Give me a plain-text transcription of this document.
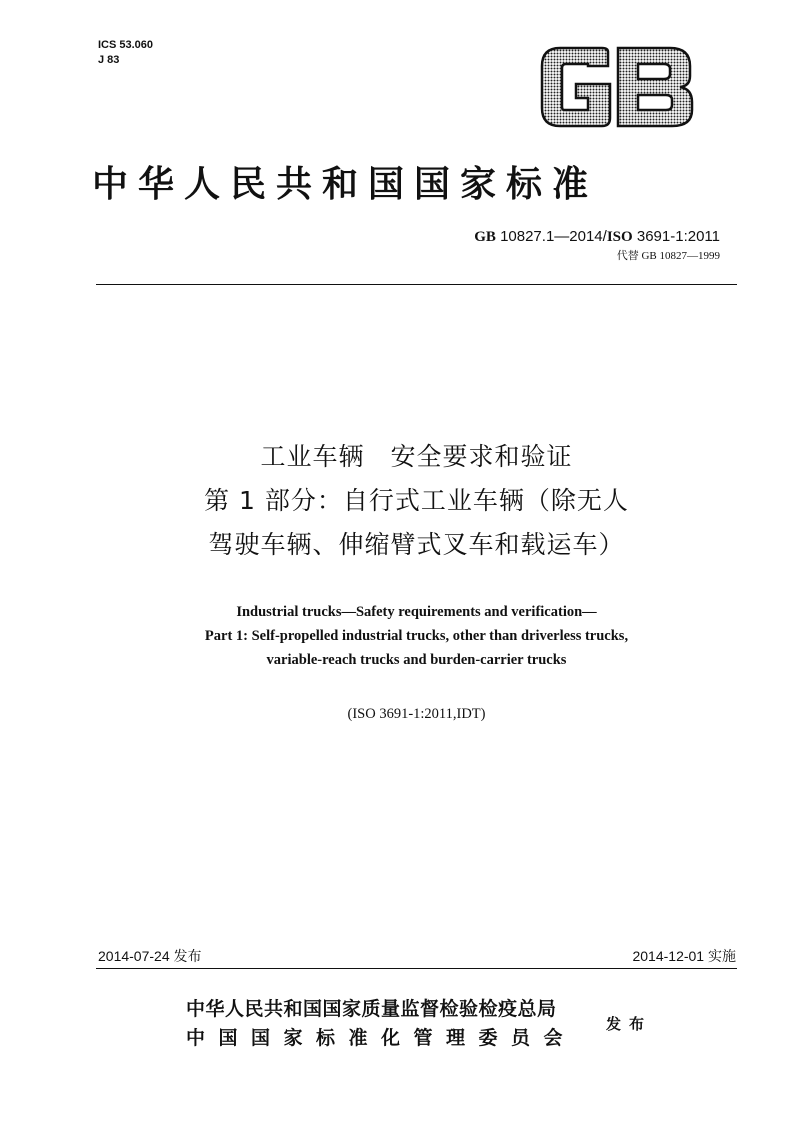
ICS 53.060
J 83
中华人民共和国国家标准
GB 10827.1—2014/ISO 3691-1:2011
代替 GB 10827—1999
工业车辆　安全要求和验证
第 1 部分：自行式工业车辆（除无人
驾驶车辆、伸缩臂式叉车和载运车）
Industrial trucks—Safety requirements and verification—
Part 1: Self-propelled industrial trucks, other than driverless trucks,
variable-reach trucks and burden-carrier trucks
(ISO 3691-1:2011,IDT)
2014-07-24 发布	2014-12-01 实施
中华人民共和国国家质量监督检验检疫总局
中国国家标准化管理委员会
发布
